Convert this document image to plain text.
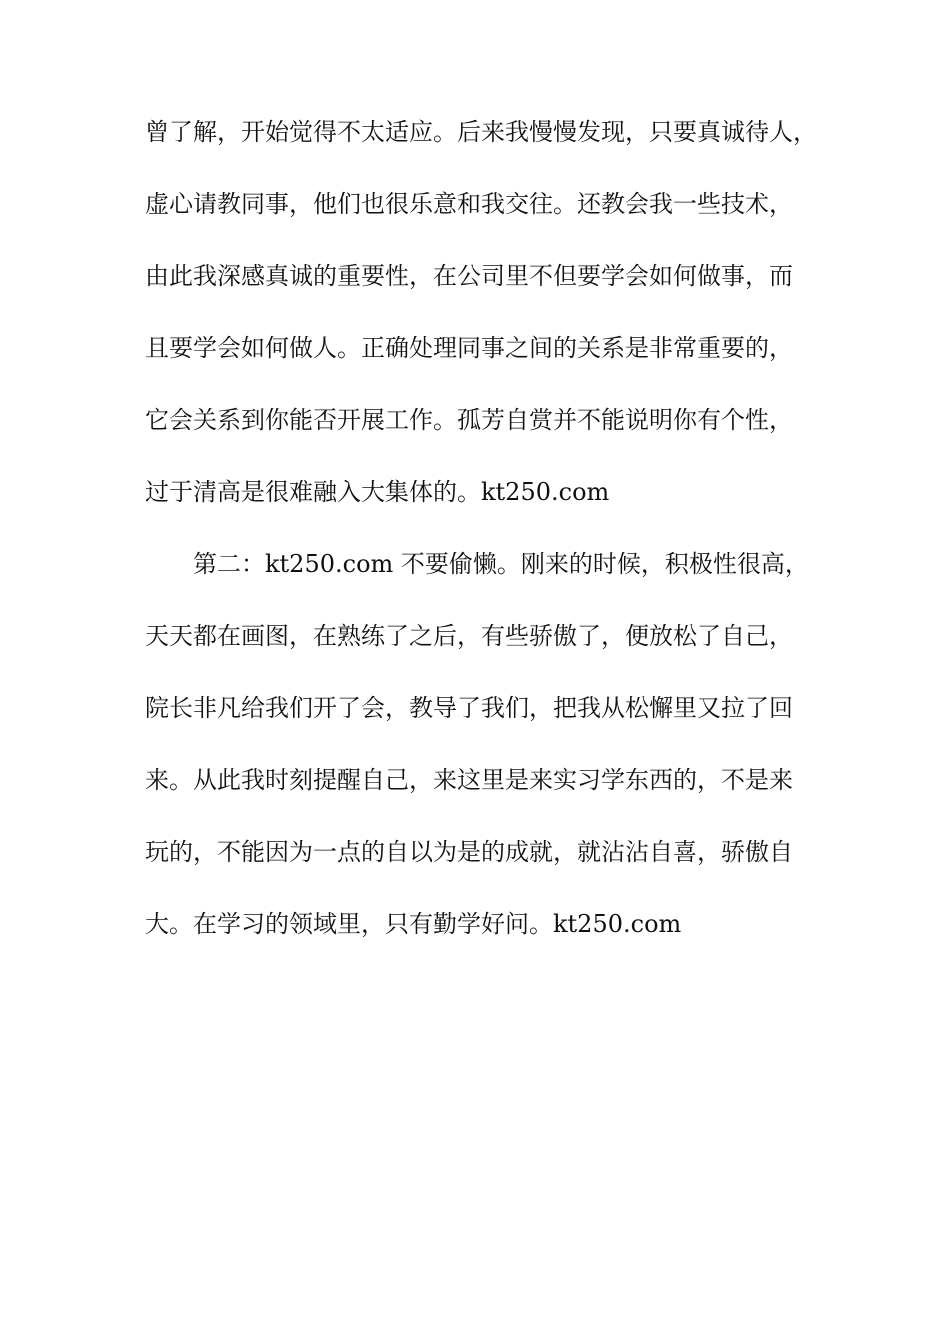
曾了解，开始觉得不太适应。后来我慢慢发现，只要真诚待人，

虚心请教同事，他们也很乐意和我交往。还教会我一些技术，

由此我深感真诚的重要性，在公司里不但要学会如何做事，而

且要学会如何做人。正确处理同事之间的关系是非常重要的，

它会关系到你能否开展工作。孤芳自赏并不能说明你有个性，

过于清高是很难融入大集体的。kt250.com

第二：kt250.com 不要偷懒。刚来的时候，积极性很高，

天天都在画图，在熟练了之后，有些骄傲了，便放松了自己，

院长非凡给我们开了会，教导了我们，把我从松懈里又拉了回

来。从此我时刻提醒自己，来这里是来实习学东西的，不是来

玩的，不能因为一点的自以为是的成就，就沾沾自喜，骄傲自

大。在学习的领域里，只有勤学好问。kt250.com
